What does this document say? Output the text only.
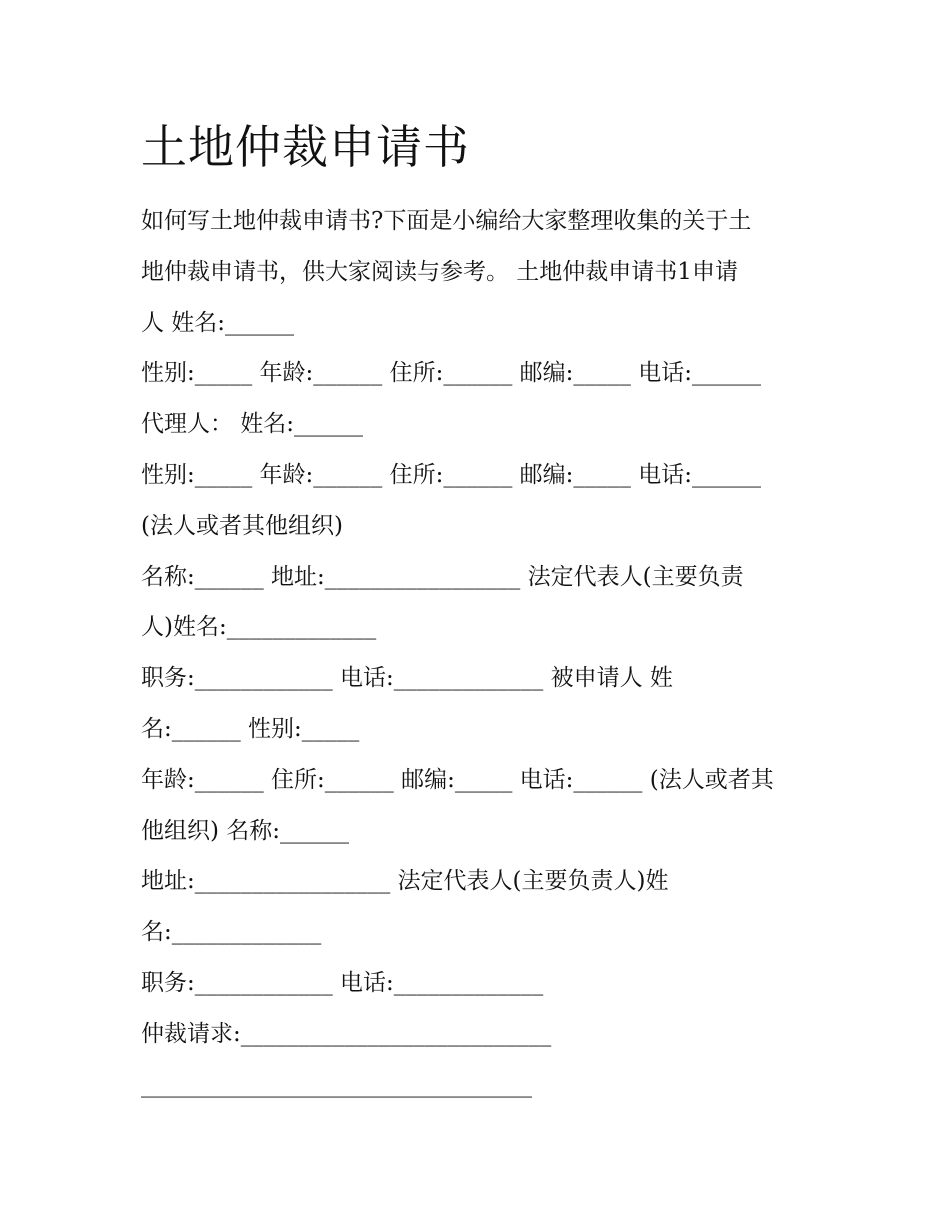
土地仲裁申请书
如何写土地仲裁申请书?下面是小编给大家整理收集的关于土
地仲裁申请书，供大家阅读与参考。 土地仲裁申请书1申请
人 姓名:______
性别:_____ 年龄:______ 住所:______ 邮编:_____ 电话:______
代理人： 姓名:______
性别:_____ 年龄:______ 住所:______ 邮编:_____ 电话:______
(法人或者其他组织)
名称:______ 地址:_________________ 法定代表人(主要负责
人)姓名:_____________
职务:____________ 电话:_____________ 被申请人 姓
名:______ 性别:_____
年龄:______ 住所:______ 邮编:_____ 电话:______ (法人或者其
他组织) 名称:______
地址:_________________ 法定代表人(主要负责人)姓
名:_____________
职务:____________ 电话:_____________
仲裁请求:___________________________
__________________________________
